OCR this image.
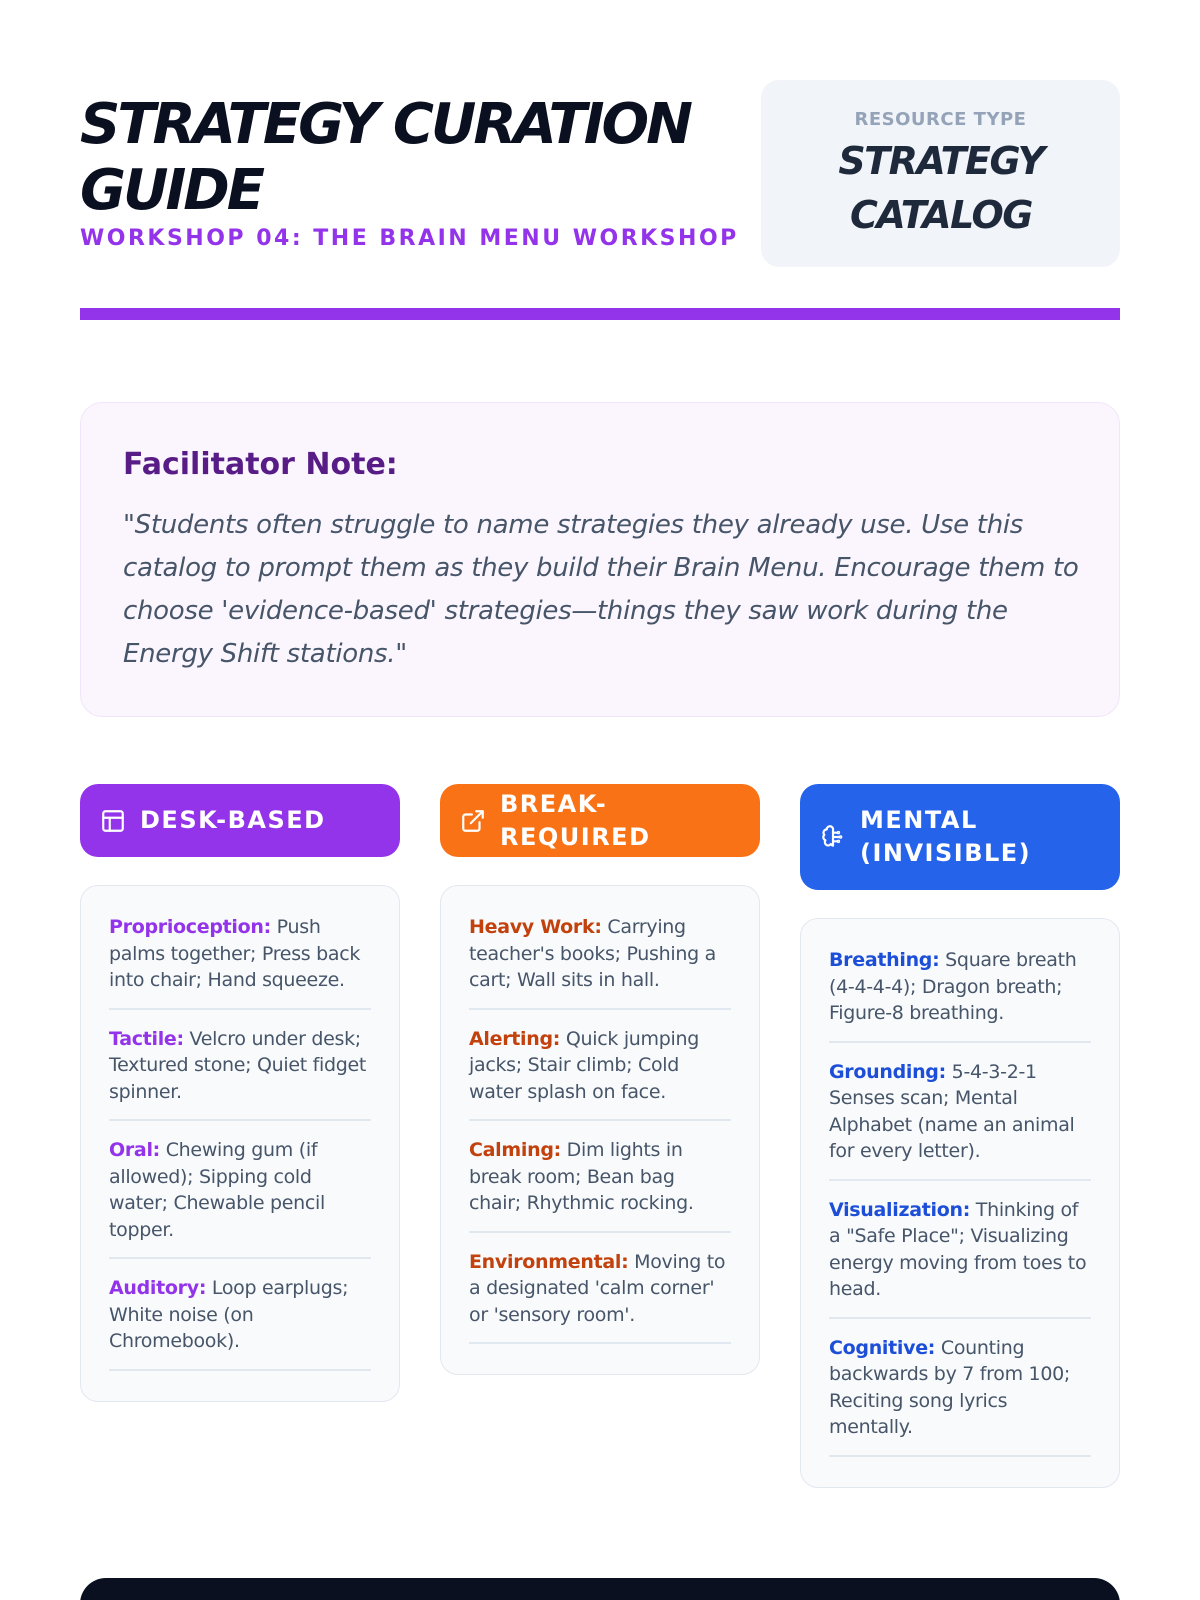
STRATEGY CURATION GUIDE
WORKSHOP 04: THE BRAIN MENU WORKSHOP
RESOURCE TYPE
STRATEGY CATALOG
Facilitator Note:
"Students often struggle to name strategies they already use. Use this catalog to prompt them as they build their Brain Menu. Encourage them to choose 'evidence-based' strategies—things they saw work during the Energy Shift stations."
DESK-BASED
Proprioception: Push palms together; Press back into chair; Hand squeeze.
Tactile: Velcro under desk; Textured stone; Quiet fidget spinner.
Oral: Chewing gum (if allowed); Sipping cold water; Chewable pencil topper.
Auditory: Loop earplugs; White noise (on Chromebook).
BREAK-REQUIRED
Heavy Work: Carrying teacher's books; Pushing a cart; Wall sits in hall.
Alerting: Quick jumping jacks; Stair climb; Cold water splash on face.
Calming: Dim lights in break room; Bean bag chair; Rhythmic rocking.
Environmental: Moving to a designated 'calm corner' or 'sensory room'.
MENTAL (INVISIBLE)
Breathing: Square breath (4-4-4-4); Dragon breath; Figure-8 breathing.
Grounding: 5-4-3-2-1 Senses scan; Mental Alphabet (name an animal for every letter).
Visualization: Thinking of a "Safe Place"; Visualizing energy moving from toes to head.
Cognitive: Counting backwards by 7 from 100; Reciting song lyrics mentally.
